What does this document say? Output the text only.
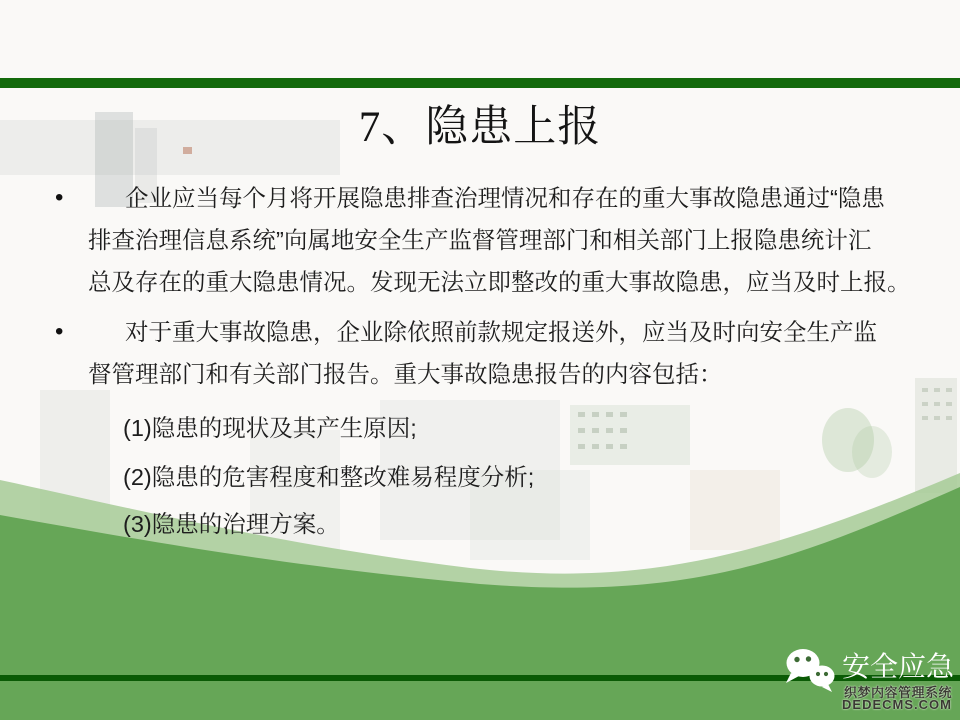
7、隐患上报
•	企业应当每个月将开展隐患排查治理情况和存在的重大事故隐患通过“隐患
排查治理信息系统”向属地安全生产监督管理部门和相关部门上报隐患统计汇
总及存在的重大隐患情况。发现无法立即整改的重大事故隐患，应当及时上报。
•	对于重大事故隐患，企业除依照前款规定报送外，应当及时向安全生产监
督管理部门和有关部门报告。重大事故隐患报告的内容包括：
(1)隐患的现状及其产生原因;
(2)隐患的危害程度和整改难易程度分析;
(3)隐患的治理方案。
安全应急
织梦内容管理系统
DEDECMS.COM
